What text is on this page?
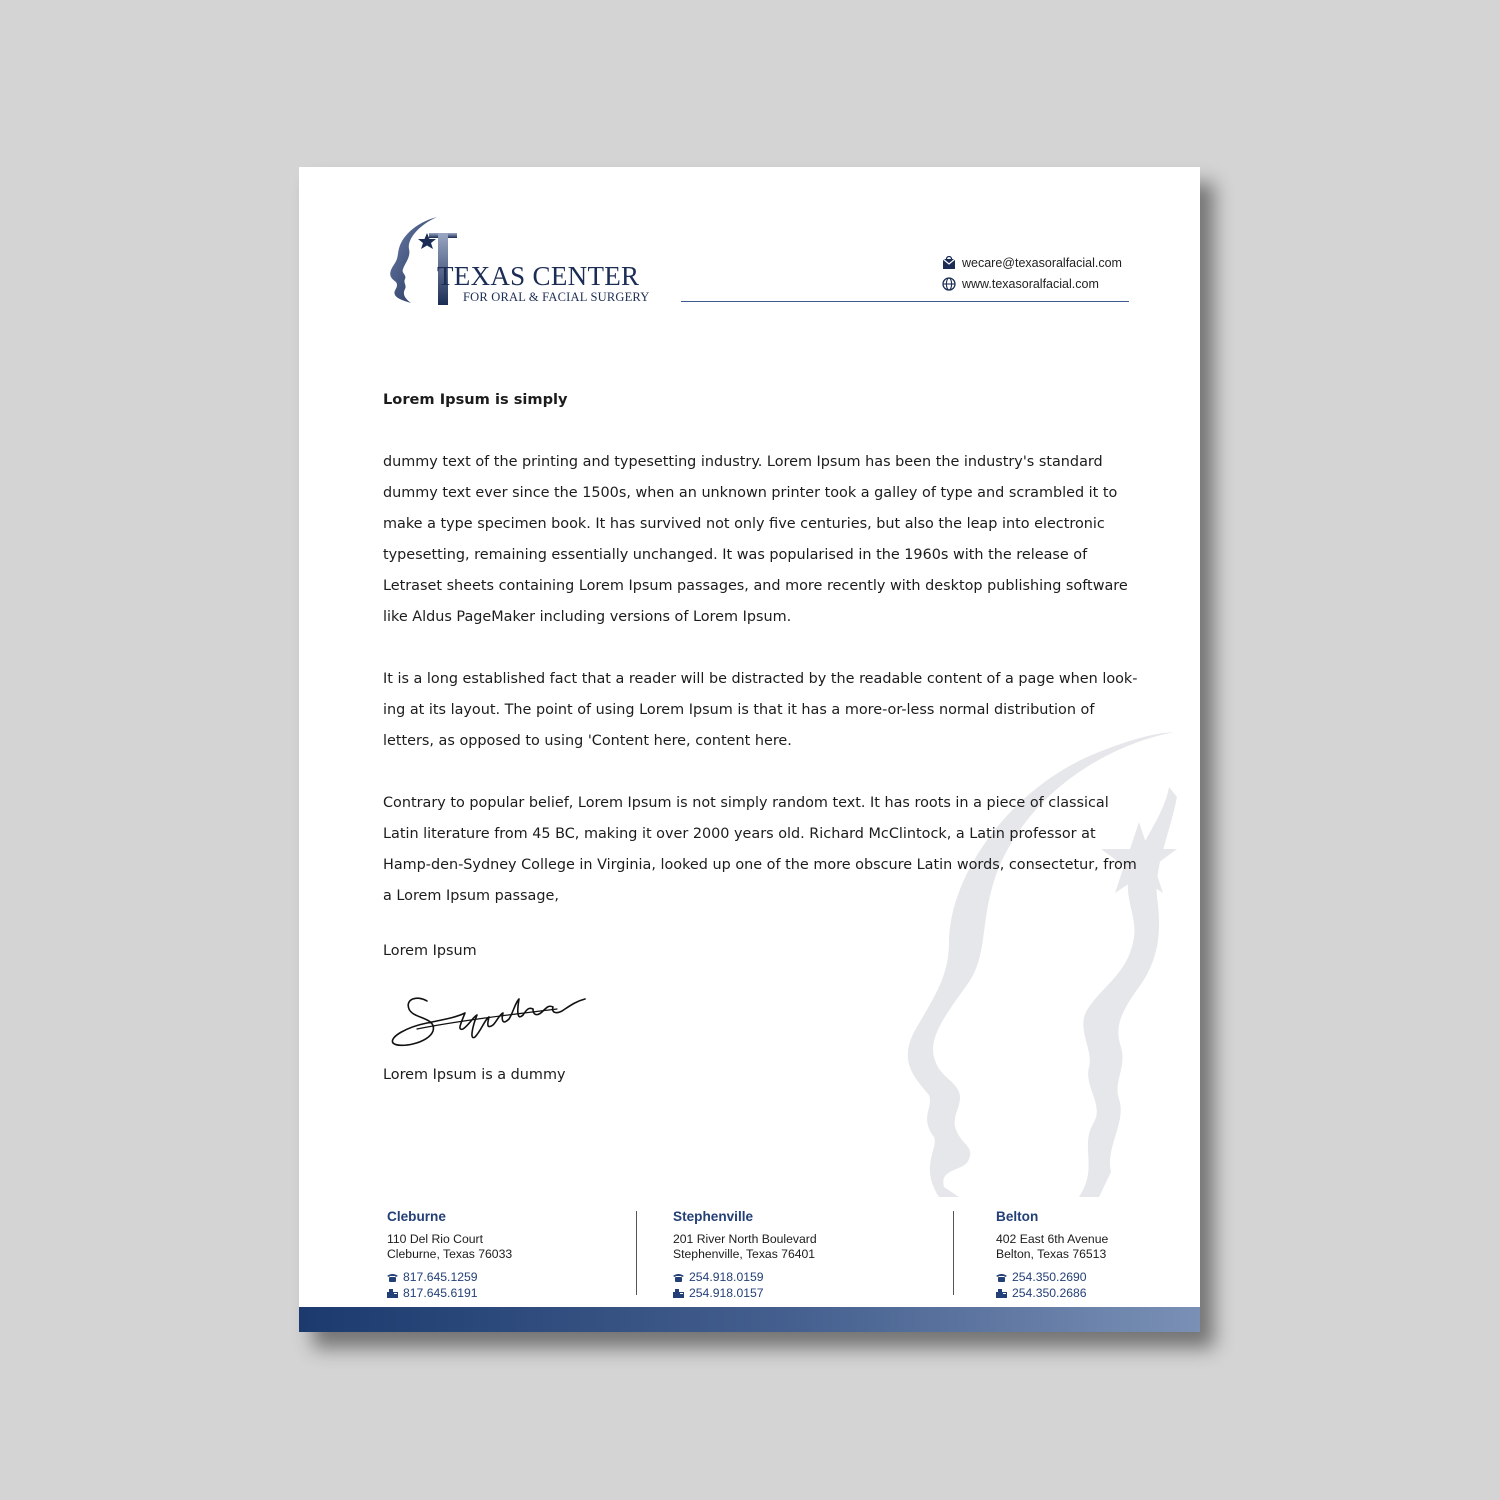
TEXAS CENTER
FOR ORAL & FACIAL SURGERY
wecare@texasoralfacial.com
www.texasoralfacial.com
Lorem Ipsum is simply

dummy text of the printing and typesetting industry. Lorem Ipsum has been the industry's standard dummy text ever since the 1500s, when an unknown printer took a galley of type and scrambled it to make a type specimen book. It has survived not only five centuries, but also the leap into electronic typesetting, remaining essentially unchanged. It was popularised in the 1960s with the release of Letraset sheets containing Lorem Ipsum passages, and more recently with desktop publishing software like Aldus PageMaker including versions of Lorem Ipsum.

It is a long established fact that a reader will be distracted by the readable content of a page when look-ing at its layout. The point of using Lorem Ipsum is that it has a more-or-less normal distribution of letters, as opposed to using 'Content here, content here.

Contrary to popular belief, Lorem Ipsum is not simply random text. It has roots in a piece of classical Latin literature from 45 BC, making it over 2000 years old. Richard McClintock, a Latin professor at Hamp-den-Sydney College in Virginia, looked up one of the more obscure Latin words, consectetur, from a Lorem Ipsum passage,

Lorem Ipsum
Lorem Ipsum is a dummy
Cleburne
110 Del Rio Court
Cleburne, Texas 76033
817.645.1259
817.645.6191
Stephenville
201 River North Boulevard
Stephenville, Texas 76401
254.918.0159
254.918.0157
Belton
402 East 6th Avenue
Belton, Texas 76513
254.350.2690
254.350.2686
